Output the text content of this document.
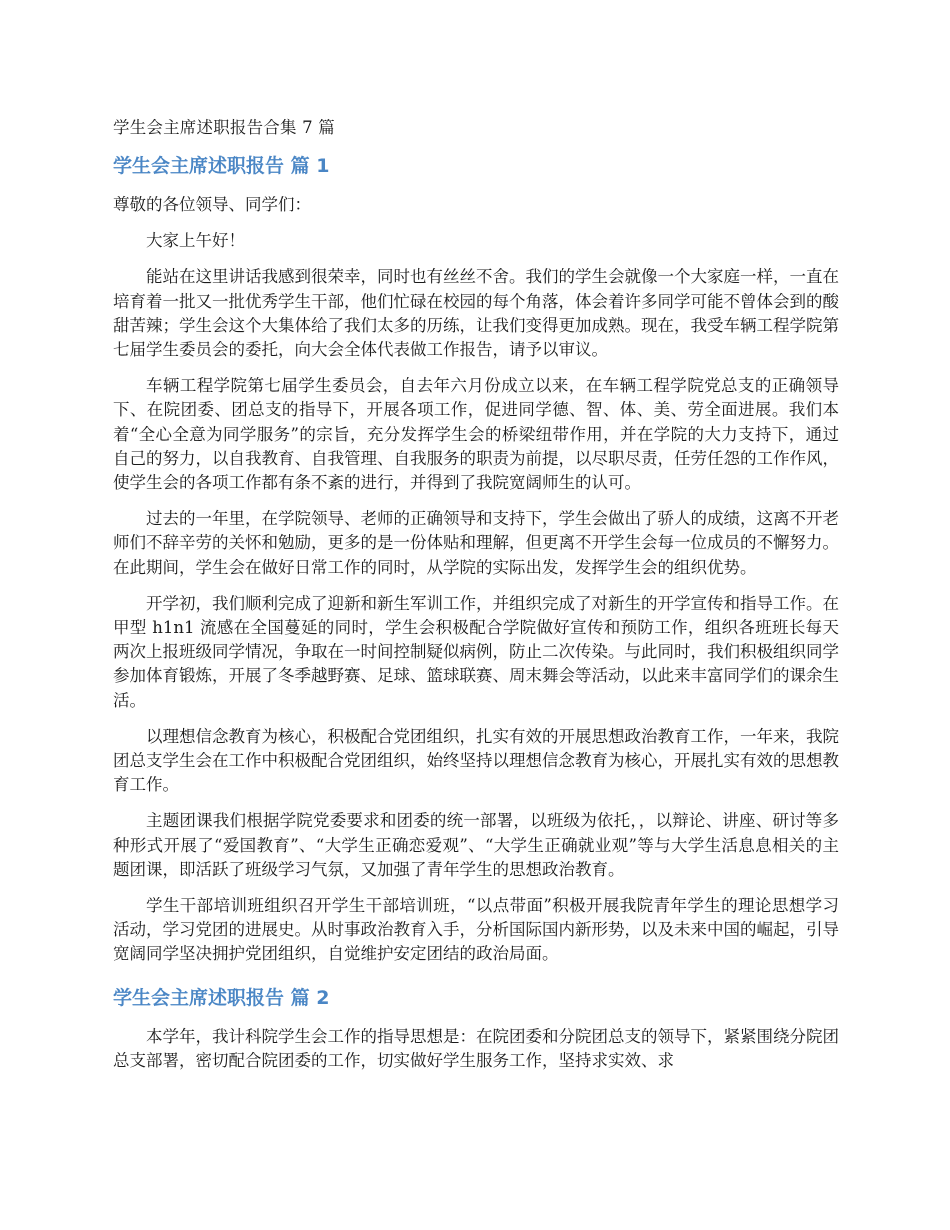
学生会主席述职报告合集 7 篇
学生会主席述职报告 篇 1

尊敬的各位领导、同学们：

大家上午好！

能站在这里讲话我感到很荣幸，同时也有丝丝不舍。我们的学生会就像一个大家庭一样，一直在培育着一批又一批优秀学生干部，他们忙碌在校园的每个角落，体会着许多同学可能不曾体会到的酸甜苦辣；学生会这个大集体给了我们太多的历练，让我们变得更加成熟。现在，我受车辆工程学院第七届学生委员会的委托，向大会全体代表做工作报告，请予以审议。

车辆工程学院第七届学生委员会，自去年六月份成立以来，在车辆工程学院党总支的正确领导下、在院团委、团总支的指导下，开展各项工作，促进同学德、智、体、美、劳全面进展。我们本着“全心全意为同学服务”的宗旨，充分发挥学生会的桥梁纽带作用，并在学院的大力支持下，通过自己的努力，以自我教育、自我管理、自我服务的职责为前提，以尽职尽责，任劳任怨的工作作风，使学生会的各项工作都有条不紊的进行，并得到了我院宽阔师生的认可。

过去的一年里，在学院领导、老师的正确领导和支持下，学生会做出了骄人的成绩，这离不开老师们不辞辛劳的关怀和勉励，更多的是一份体贴和理解，但更离不开学生会每一位成员的不懈努力。在此期间，学生会在做好日常工作的同时，从学院的实际出发，发挥学生会的组织优势。

开学初，我们顺利完成了迎新和新生军训工作，并组织完成了对新生的开学宣传和指导工作。在甲型 h1n1 流感在全国蔓延的同时，学生会积极配合学院做好宣传和预防工作，组织各班班长每天两次上报班级同学情况，争取在一时间控制疑似病例，防止二次传染。与此同时，我们积极组织同学参加体育锻炼，开展了冬季越野赛、足球、篮球联赛、周末舞会等活动，以此来丰富同学们的课余生活。

以理想信念教育为核心，积极配合党团组织，扎实有效的开展思想政治教育工作，一年来，我院团总支学生会在工作中积极配合党团组织，始终坚持以理想信念教育为核心，开展扎实有效的思想教育工作。

主题团课我们根据学院党委要求和团委的统一部署，以班级为依托，，以辩论、讲座、研讨等多种形式开展了“爱国教育”、“大学生正确恋爱观”、“大学生正确就业观”等与大学生活息息相关的主题团课，即活跃了班级学习气氛，又加强了青年学生的思想政治教育。

学生干部培训班组织召开学生干部培训班，“以点带面”积极开展我院青年学生的理论思想学习活动，学习党团的进展史。从时事政治教育入手，分析国际国内新形势，以及未来中国的崛起，引导宽阔同学坚决拥护党团组织，自觉维护安定团结的政治局面。

学生会主席述职报告 篇 2

本学年，我计科院学生会工作的指导思想是：在院团委和分院团总支的领导下，紧紧围绕分院团总支部署，密切配合院团委的工作，切实做好学生服务工作，坚持求实效、求
